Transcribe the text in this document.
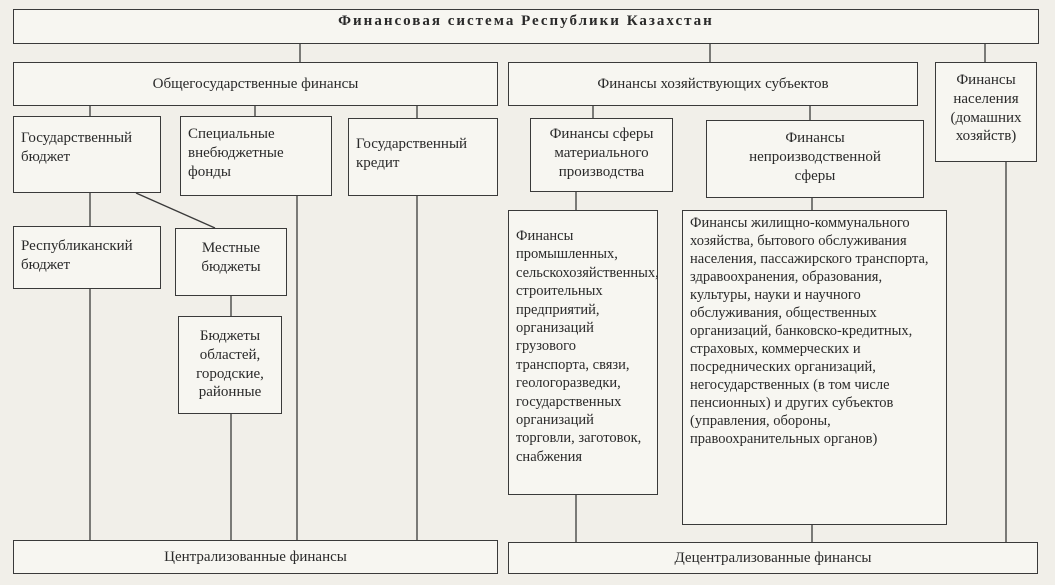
Финансовая система Республики Казахстан
Общегосударственные финансы	Финансы хозяйствующих субъектов	Финансы населения (домашних хозяйств)
Государственный бюджет
Специальные внебюджетные фонды
Государственный кредит
Финансы сферы материального производства
Финансы непроизводственной сферы
Республиканский бюджет
Местные бюджеты
Бюджеты областей, городские, районные
Финансы промышленных, сельскохозяйственных, строительных предприятий, организаций грузового транспорта, связи, геологоразведки, государственных организаций торговли, заготовок, снабжения
Финансы жилищно-коммунального хозяйства, бытового обслуживания населения, пассажирского транспорта, здравоохранения, образования, культуры, науки и научного обслуживания, общественных организаций, банковско-кредитных, страховых, коммерческих и посреднических организаций, негосударственных (в том числе пенсионных) и других субъектов (управления, обороны, правоохранительных органов)
Централизованные финансы	Децентрализованные финансы
